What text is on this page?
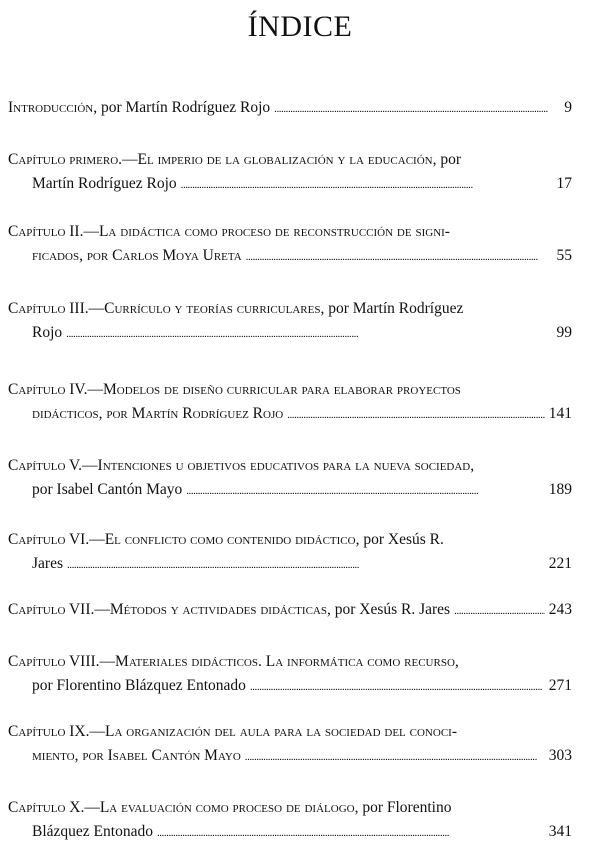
ÍNDICE
Introducción , por Martín Rodríguez Rojo . . .	9
Capítulo primero.—El imperio de la globalización y la educación, por
Martín Rodríguez Rojo . . .	17
Capítulo II.—La didáctica como proceso de reconstrucción de signi-
ficados, por Carlos Moya Ureta . . .	55
Capítulo III.—Currículo y teorías curriculares, por Martín Rodríguez
Rojo . . .	99
Capítulo IV.—Modelos de diseño curricular para elaborar proyectos
didácticos, por Martín Rodríguez Rojo . . .	141
Capítulo V.—Intenciones u objetivos educativos para la nueva sociedad,
por Isabel Cantón Mayo . . .	189
Capítulo VI.—El conflicto como contenido didáctico, por Xesús R.
Jares . . .	221
Capítulo VII.—Métodos y actividades didácticas , por Xesús R. Jares . . .	243
Capítulo VIII.—Materiales didácticos. La informática como recurso,
por Florentino Blázquez Entonado . . .	271
Capítulo IX.—La organización del aula para la sociedad del conoci-
miento, por Isabel Cantón Mayo . . .	303
Capítulo X.—La evaluación como proceso de diálogo, por Florentino
Blázquez Entonado . . .	341
